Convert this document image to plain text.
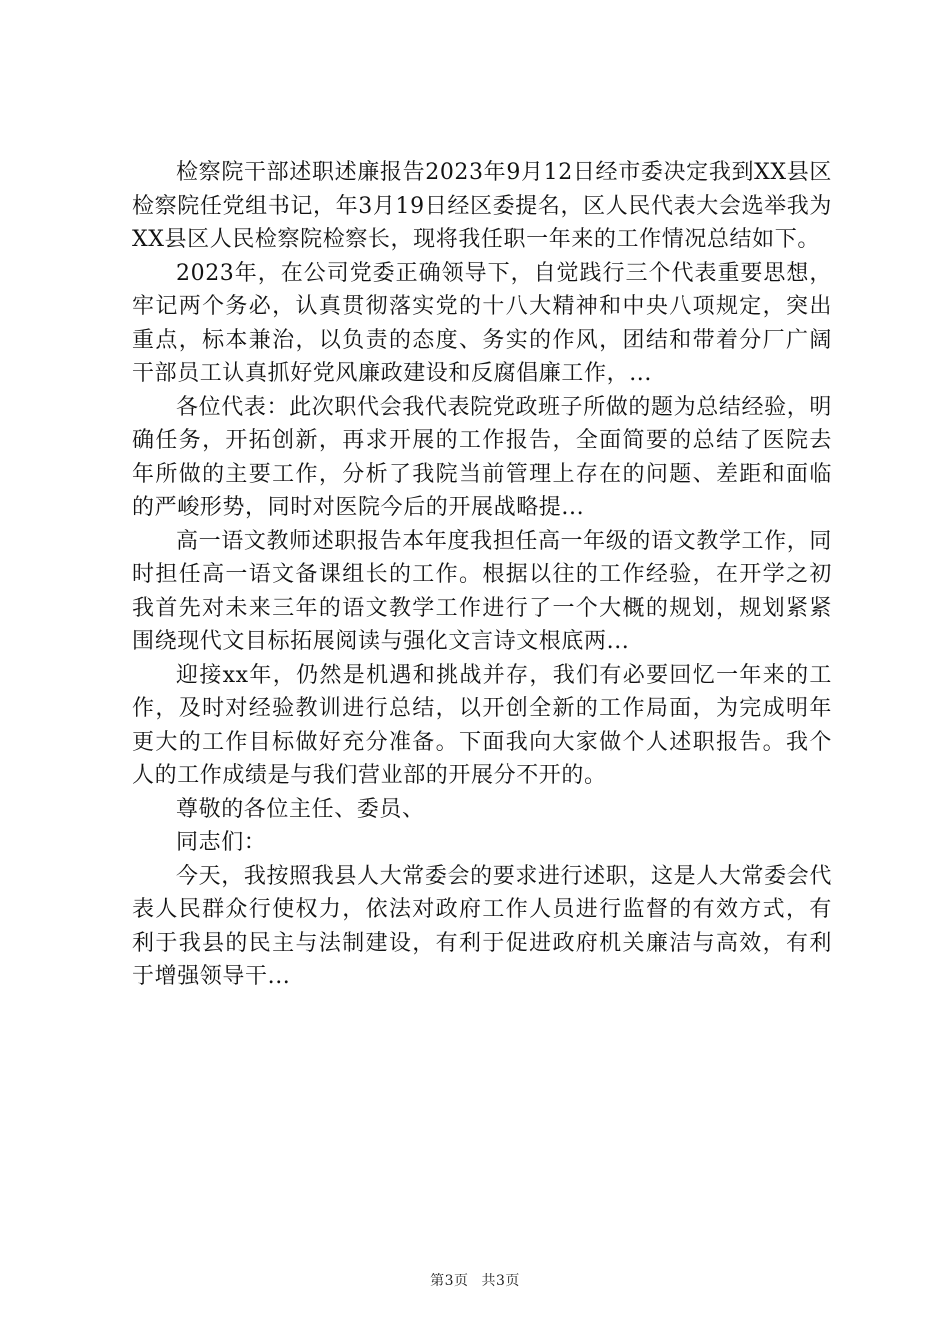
检察院干部述职述廉报告2023年9月12日经市委决定我到XX县区检察院任党组书记，年3月19日经区委提名，区人民代表大会选举我为XX县区人民检察院检察长，现将我任职一年来的工作情况总结如下。

2023年，在公司党委正确领导下，自觉践行三个代表重要思想，牢记两个务必，认真贯彻落实党的十八大精神和中央八项规定，突出重点，标本兼治，以负责的态度、务实的作风，团结和带着分厂广阔干部员工认真抓好党风廉政建设和反腐倡廉工作，...

各位代表：此次职代会我代表院党政班子所做的题为总结经验，明确任务，开拓创新，再求开展的工作报告，全面简要的总结了医院去年所做的主要工作，分析了我院当前管理上存在的问题、差距和面临的严峻形势，同时对医院今后的开展战略提...

高一语文教师述职报告本年度我担任高一年级的语文教学工作，同时担任高一语文备课组长的工作。根据以往的工作经验，在开学之初我首先对未来三年的语文教学工作进行了一个大概的规划，规划紧紧围绕现代文目标拓展阅读与强化文言诗文根底两...

迎接xx年，仍然是机遇和挑战并存，我们有必要回忆一年来的工作，及时对经验教训进行总结，以开创全新的工作局面，为完成明年更大的工作目标做好充分准备。下面我向大家做个人述职报告。我个人的工作成绩是与我们营业部的开展分不开的。

尊敬的各位主任、委员、

同志们：

今天，我按照我县人大常委会的要求进行述职，这是人大常委会代表人民群众行使权力，依法对政府工作人员进行监督的有效方式，有利于我县的民主与法制建设，有利于促进政府机关廉洁与高效，有利于增强领导干...

第3页 共3页
